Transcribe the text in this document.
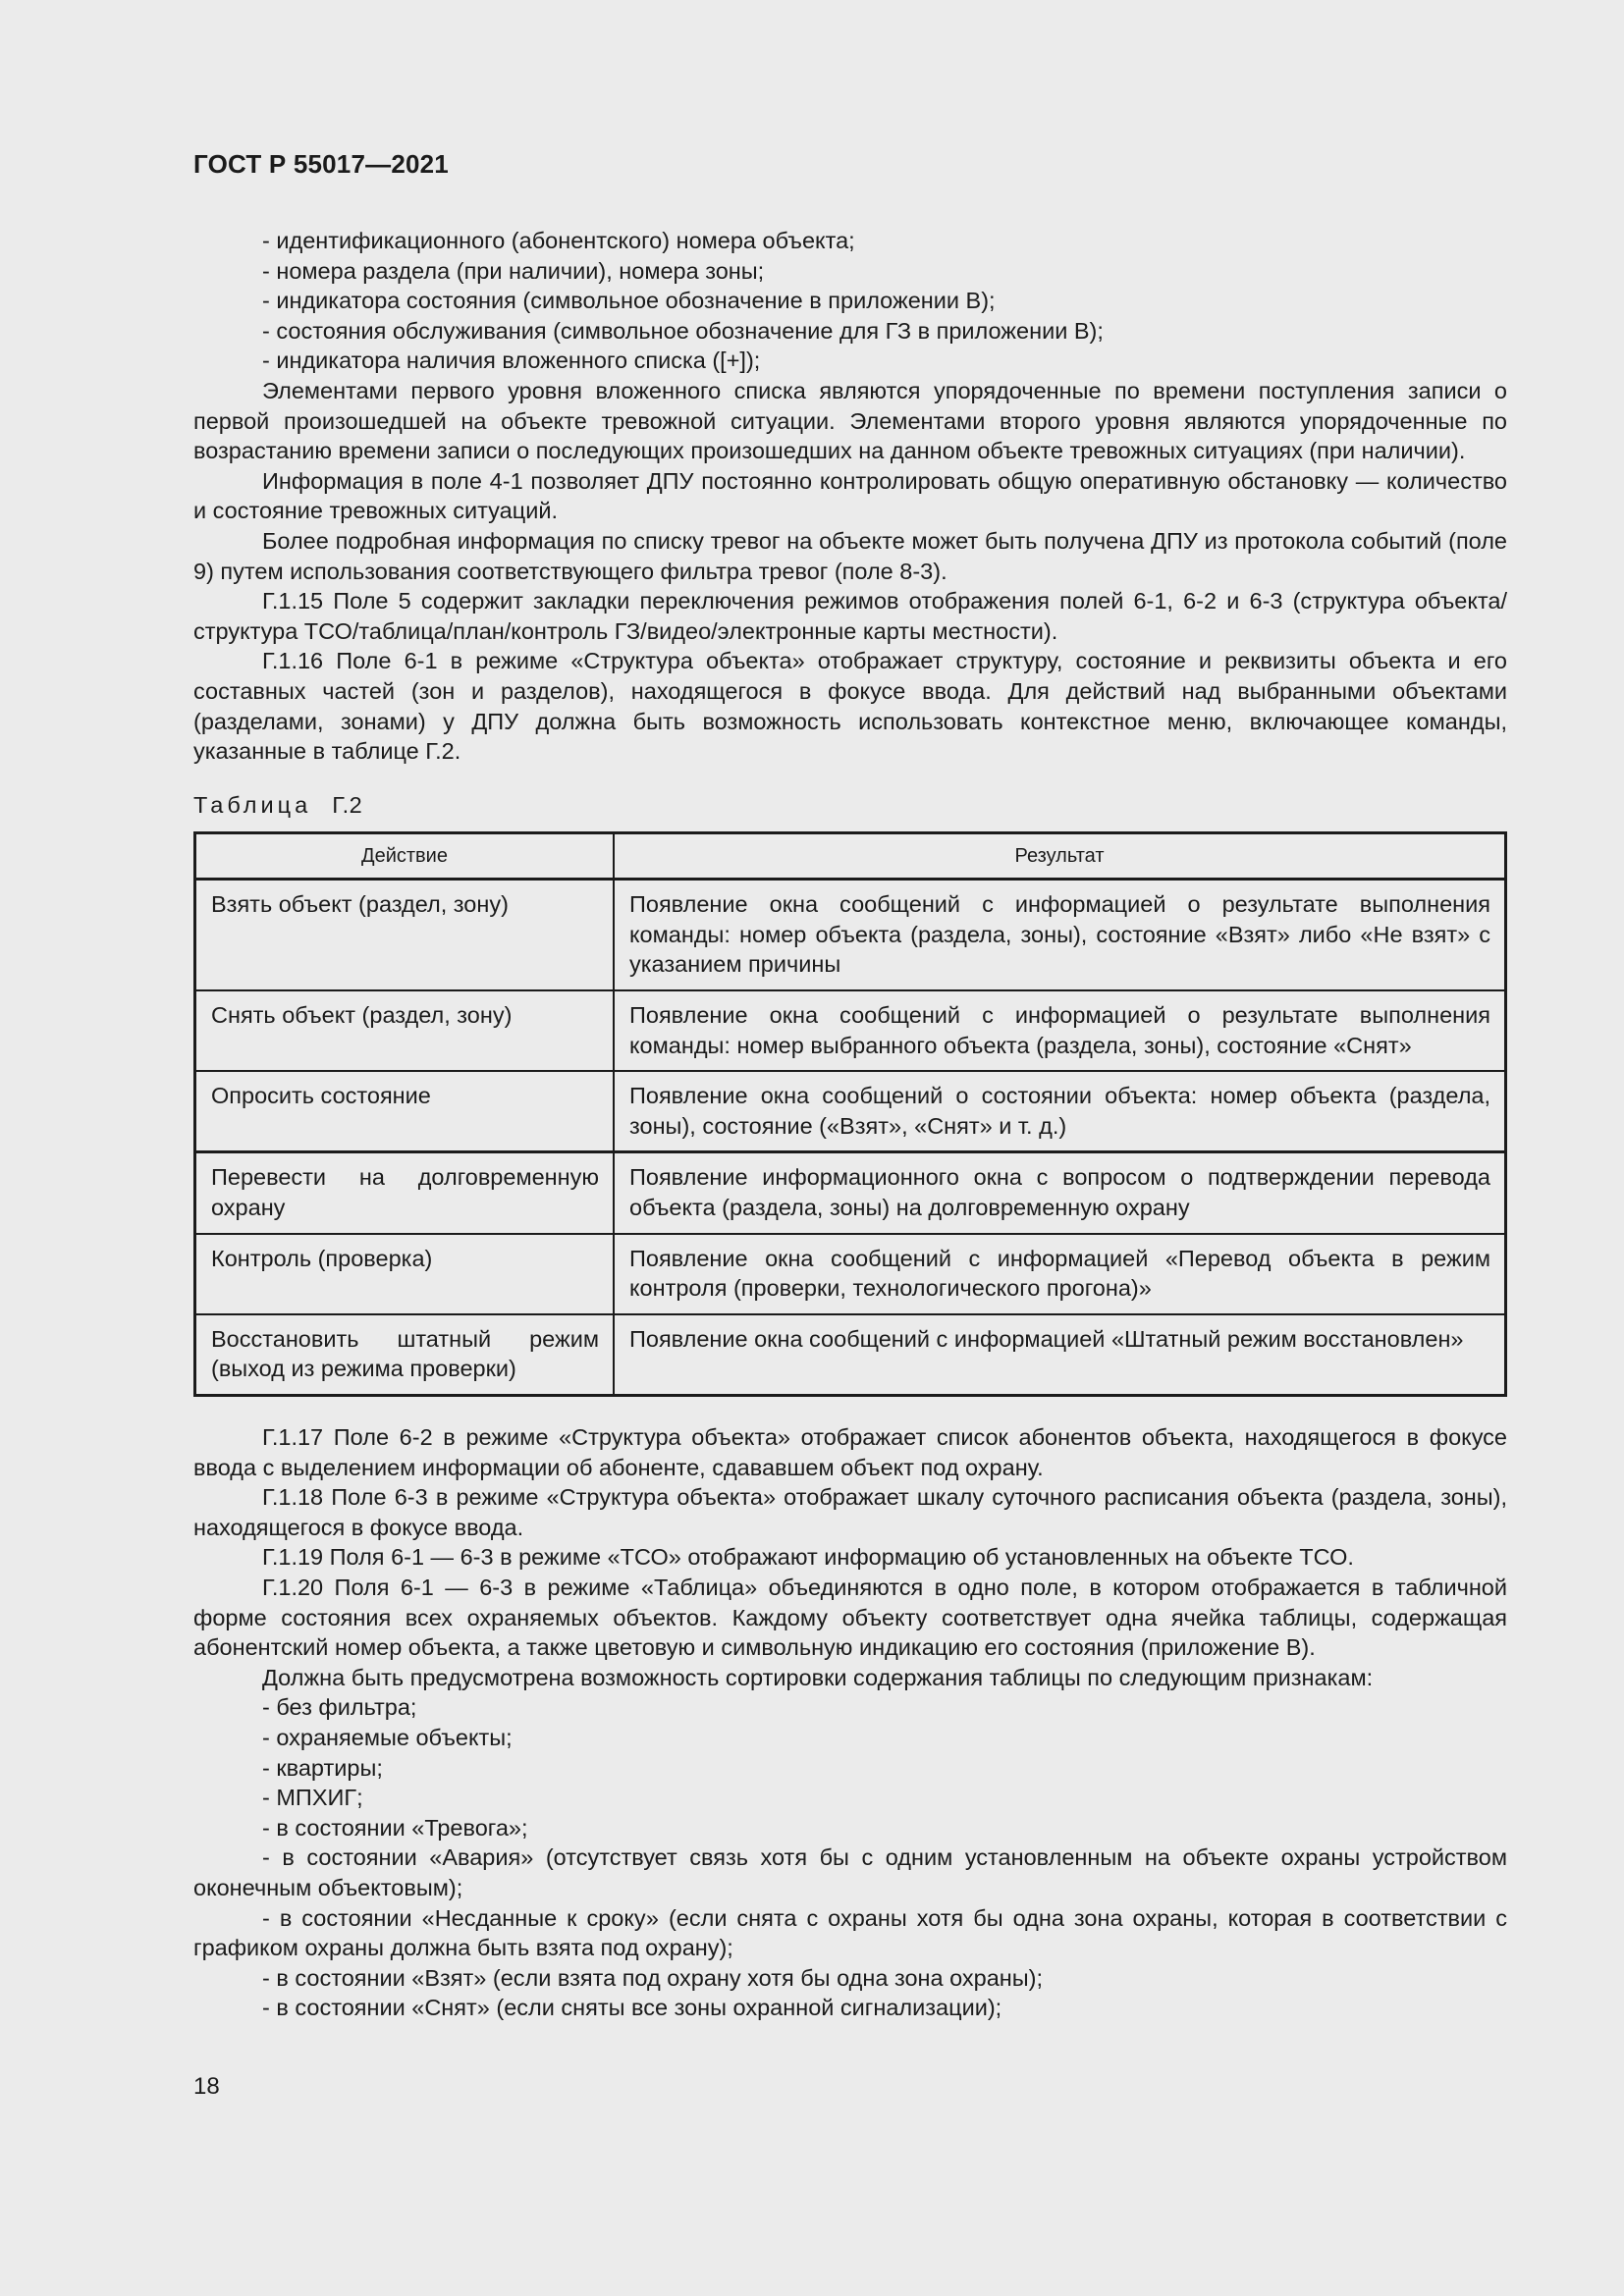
ГОСТ Р 55017—2021

- идентификационного (абонентского) номера объекта;

- номера раздела (при наличии), номера зоны;

- индикатора состояния (символьное обозначение в приложении В);

- состояния обслуживания (символьное обозначение для ГЗ в приложении В);

- индикатора наличия вложенного списка ([+]);

Элементами первого уровня вложенного списка являются упорядоченные по времени поступления записи о первой произошедшей на объекте тревожной ситуации. Элементами второго уровня являются упорядоченные по возрастанию времени записи о последующих произошедших на данном объекте тревожных ситуациях (при наличии).

Информация в поле 4-1 позволяет ДПУ постоянно контролировать общую оперативную обстановку — количество и состояние тревожных ситуаций.

Более подробная информация по списку тревог на объекте может быть получена ДПУ из протокола событий (поле 9) путем использования соответствующего фильтра тревог (поле 8-3).

Г.1.15 Поле 5 содержит закладки переключения режимов отображения полей 6-1, 6-2 и 6-3 (структура объекта/структура ТСО/таблица/план/контроль ГЗ/видео/электронные карты местности).

Г.1.16 Поле 6-1 в режиме «Структура объекта» отображает структуру, состояние и реквизиты объекта и его составных частей (зон и разделов), находящегося в фокусе ввода. Для действий над выбранными объектами (разделами, зонами) у ДПУ должна быть возможность использовать контекстное меню, включающее команды, указанные в таблице Г.2.

Таблица Г.2

Действие	Результат
Взять объект (раздел, зону)	Появление окна сообщений с информацией о результате выполнения команды: номер объекта (раздела, зоны), состояние «Взят» либо «Не взят» с указанием причины
Снять объект (раздел, зону)	Появление окна сообщений с информацией о результате выполнения команды: номер выбранного объекта (раздела, зоны), состояние «Снят»
Опросить состояние	Появление окна сообщений о состоянии объекта: номер объекта (раздела, зоны), состояние («Взят», «Снят» и т. д.)
Перевести на долговременную охрану	Появление информационного окна с вопросом о подтверждении перевода объекта (раздела, зоны) на долговременную охрану
Контроль (проверка)	Появление окна сообщений с информацией «Перевод объекта в режим контроля (проверки, технологического прогона)»
Восстановить штатный режим (выход из режима проверки)	Появление окна сообщений с информацией «Штатный режим восстановлен»

Г.1.17 Поле 6-2 в режиме «Структура объекта» отображает список абонентов объекта, находящегося в фокусе ввода с выделением информации об абоненте, сдававшем объект под охрану.

Г.1.18 Поле 6-3 в режиме «Структура объекта» отображает шкалу суточного расписания объекта (раздела, зоны), находящегося в фокусе ввода.

Г.1.19 Поля 6-1 — 6-3 в режиме «ТСО» отображают информацию об установленных на объекте ТСО.

Г.1.20 Поля 6-1 — 6-3 в режиме «Таблица» объединяются в одно поле, в котором отображается в табличной форме состояния всех охраняемых объектов. Каждому объекту соответствует одна ячейка таблицы, содержащая абонентский номер объекта, а также цветовую и символьную индикацию его состояния (приложение В).

Должна быть предусмотрена возможность сортировки содержания таблицы по следующим признакам:

- без фильтра;

- охраняемые объекты;

- квартиры;

- МПХИГ;

- в состоянии «Тревога»;

- в состоянии «Авария» (отсутствует связь хотя бы с одним установленным на объекте охраны устройством оконечным объектовым);

- в состоянии «Несданные к сроку» (если снята с охраны хотя бы одна зона охраны, которая в соответствии с графиком охраны должна быть взята под охрану);

- в состоянии «Взят» (если взята под охрану хотя бы одна зона охраны);

- в состоянии «Снят» (если сняты все зоны охранной сигнализации);

18
